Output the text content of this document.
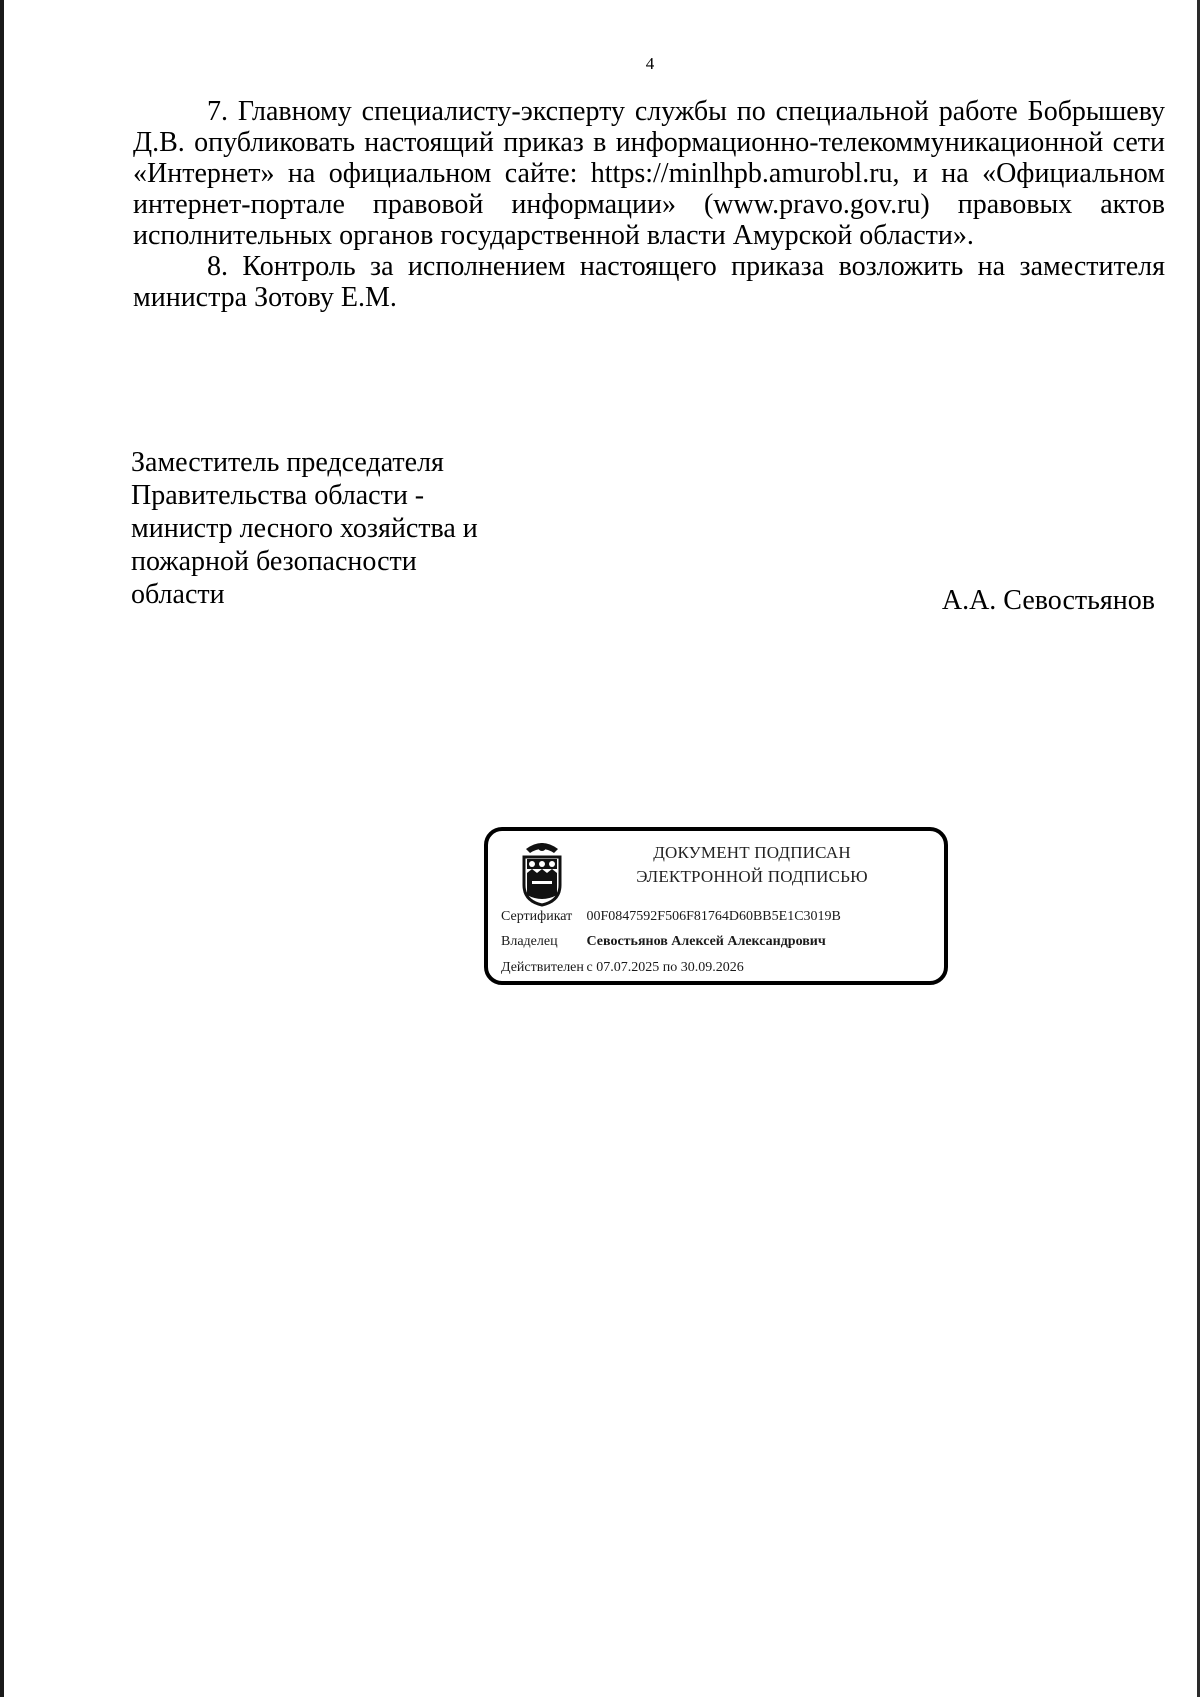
4

7. Главному специалисту-эксперту службы по специальной работе Бобрышеву Д.В. опубликовать настоящий приказ в информационно-телекоммуникационной сети «Интернет» на официальном сайте: https://minlhpb.amurobl.ru, и на «Официальном интернет-портале правовой информации» (www.pravo.gov.ru) правовых актов исполнительных органов государственной власти Амурской области».

8. Контроль за исполнением настоящего приказа возложить на заместителя министра Зотову Е.М.

Заместитель председателя
Правительства области -
министр лесного хозяйства и
пожарной безопасности
области	А.А. Севостьянов
ДОКУМЕНТ ПОДПИСАН
ЭЛЕКТРОННОЙ ПОДПИСЬЮ
Сертификат 00F0847592F506F81764D60BB5E1C3019B
Владелец Севостьянов Алексей Александрович
Действителен с 07.07.2025 по 30.09.2026
